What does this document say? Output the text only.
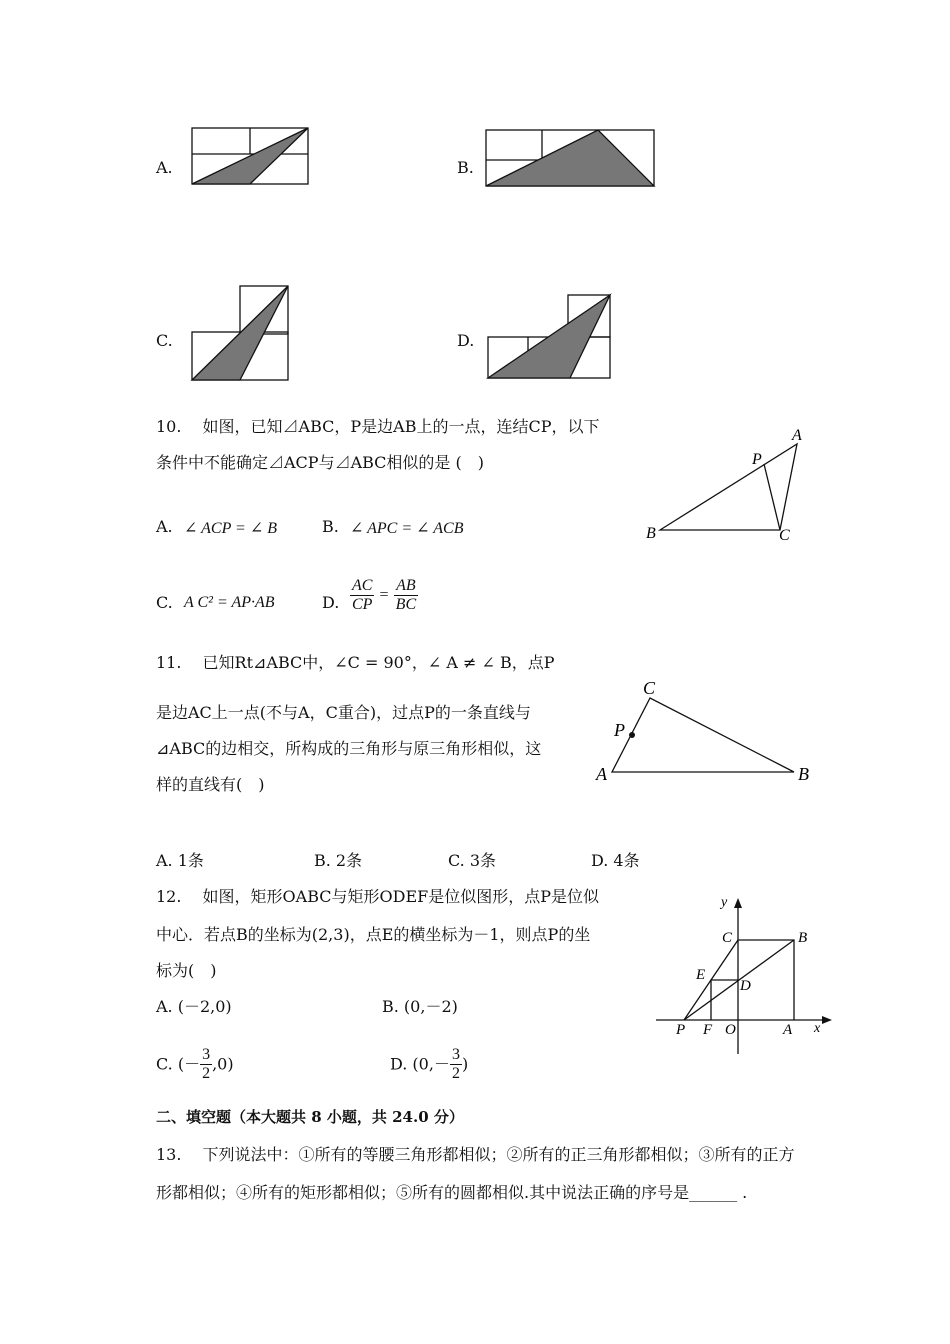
A.	B.
C.	D.
10.　 如图，已知⊿ABC，P是边AB上的一点，连结CP，以下
条件中不能确定⊿ACP与⊿ABC相似的是 (　)
A. ∠ ACP = ∠ B	B. ∠ APC = ∠ ACB
C. A C² = AP·AB	D. $\frac{AC}{CP} = \frac{AB}{BC}$
A
B	C
P
11.　 已知Rt⊿ABC中，∠C = 90°，∠ A ≠ ∠ B，点P
是边AC上一点(不与A，C重合)，过点P的一条直线与
⊿ABC的边相交，所构成的三角形与原三角形相似，这
样的直线有(　)
C
P
A	B
A. 1条	B. 2条	C. 3条	D. 4条
12.　 如图，矩形OABC与矩形ODEF是位似图形，点P是位似
中心．若点B的坐标为(2,3)，点E的横坐标为－1，则点P的坐
标为(　)
A. (－2,0)	B. (0,－2)
C. (－ $\frac{3}{2} ,0$)	D. ($0,- \frac{3}{2}$ )
y
x
C	B
E
D
P F O	A
二、填空题（本大题共 8 小题，共 24.0 分）
13.　 下列说法中：①所有的等腰三角形都相似；②所有的正三角形都相似；③所有的正方
形都相似；④所有的矩形都相似；⑤所有的圆都相似.其中说法正确的序号是______ .
